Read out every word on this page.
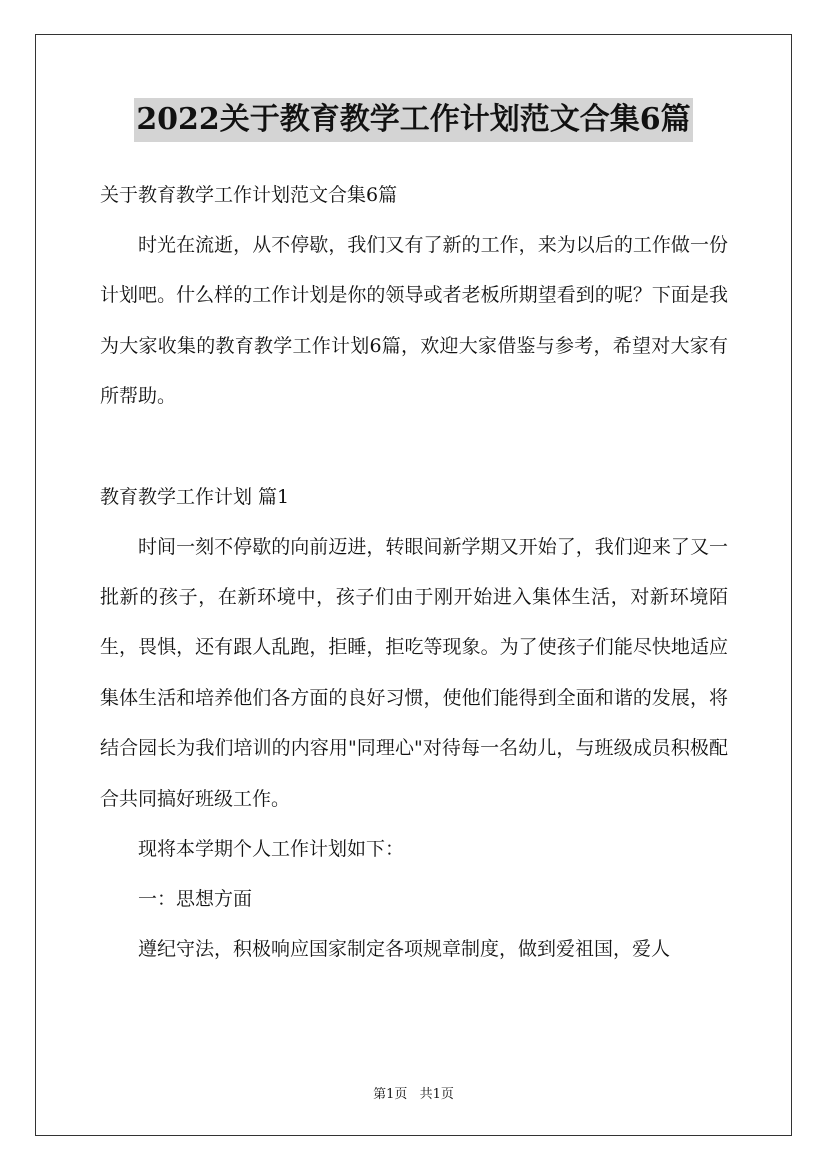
2022关于教育教学工作计划范文合集6篇
关于教育教学工作计划范文合集6篇

时光在流逝，从不停歇，我们又有了新的工作，来为以后的工作做一份计划吧。什么样的工作计划是你的领导或者老板所期望看到的呢？下面是我为大家收集的教育教学工作计划6篇，欢迎大家借鉴与参考，希望对大家有所帮助。

教育教学工作计划 篇1

时间一刻不停歇的向前迈进，转眼间新学期又开始了，我们迎来了又一批新的孩子，在新环境中，孩子们由于刚开始进入集体生活，对新环境陌生，畏惧，还有跟人乱跑，拒睡，拒吃等现象。为了使孩子们能尽快地适应集体生活和培养他们各方面的良好习惯，使他们能得到全面和谐的发展，将结合园长为我们培训的内容用"同理心"对待每一名幼儿，与班级成员积极配合共同搞好班级工作。

现将本学期个人工作计划如下：
一：思想方面
遵纪守法，积极响应国家制定各项规章制度，做到爱祖国，爱人
第1页 共1页
